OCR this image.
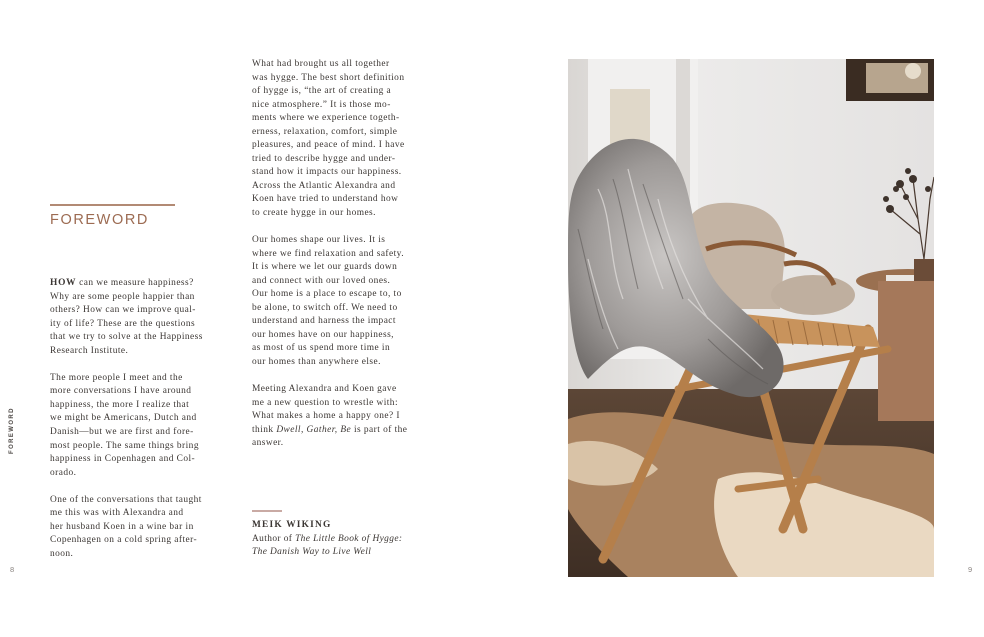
FOREWORD

HOW can we measure happiness?
Why are some people happier than
others? How can we improve qual-
ity of life? These are the questions
that we try to solve at the Happiness
Research Institute.

The more people I meet and the
more conversations I have around
happiness, the more I realize that
we might be Americans, Dutch and
Danish—but we are first and fore-
most people. The same things bring
happiness in Copenhagen and Col-
orado.

One of the conversations that taught
me this was with Alexandra and
her husband Koen in a wine bar in
Copenhagen on a cold spring after-
noon.

What had brought us all together
was hygge. The best short definition
of hygge is, “the art of creating a
nice atmosphere.” It is those mo-
ments where we experience togeth-
erness, relaxation, comfort, simple
pleasures, and peace of mind. I have
tried to describe hygge and under-
stand how it impacts our happiness.
Across the Atlantic Alexandra and
Koen have tried to understand how
to create hygge in our homes.

Our homes shape our lives. It is
where we find relaxation and safety.
It is where we let our guards down
and connect with our loved ones.
Our home is a place to escape to, to
be alone, to switch off. We need to
understand and harness the impact
our homes have on our happiness,
as most of us spend more time in
our homes than anywhere else.

Meeting Alexandra and Koen gave
me a new question to wrestle with:
What makes a home a happy one? I
think Dwell, Gather, Be is part of the
answer.

MEIK WIKING
Author of The Little Book of Hygge:
The Danish Way to Live Well
FOREWORD
8	9
